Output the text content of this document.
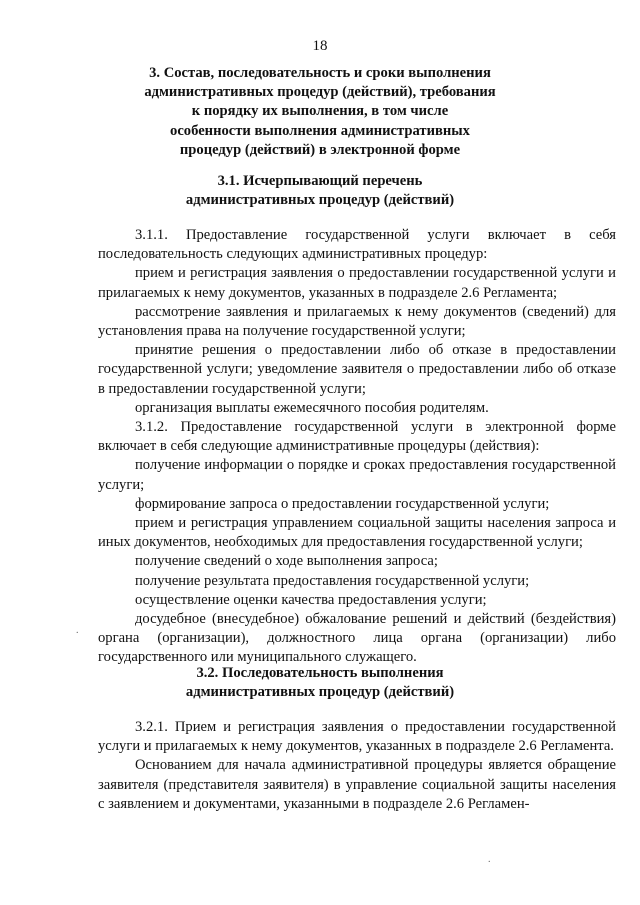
18
3. Состав, последовательность и сроки выполнения
административных процедур (действий), требования
к порядку их выполнения, в том числе
особенности выполнения административных
процедур (действий) в электронной форме
3.1. Исчерпывающий перечень
административных процедур (действий)

3.1.1. Предоставление государственной услуги включает в себя последовательность следующих административных процедур:

прием и регистрация заявления о предоставлении государственной услуги и прилагаемых к нему документов, указанных в подразделе 2.6 Регламента;

рассмотрение заявления и прилагаемых к нему документов (сведений) для установления права на получение государственной услуги;

принятие решения о предоставлении либо об отказе в предоставлении государственной услуги; уведомление заявителя о предоставлении либо об отказе в предоставлении государственной услуги;

организация выплаты ежемесячного пособия родителям.

3.1.2. Предоставление государственной услуги в электронной форме включает в себя следующие административные процедуры (действия):

получение информации о порядке и сроках предоставления государственной услуги;

формирование запроса о предоставлении государственной услуги;

прием и регистрация управлением социальной защиты населения запроса и иных документов, необходимых для предоставления государственной услуги;

получение сведений о ходе выполнения запроса;

получение результата предоставления государственной услуги;

осуществление оценки качества предоставления услуги;

досудебное (внесудебное) обжалование решений и действий (бездействия) органа (организации), должностного лица органа (организации) либо государственного или муниципального служащего.

3.2. Последовательность выполнения
административных процедур (действий)

3.2.1. Прием и регистрация заявления о предоставлении государственной услуги и прилагаемых к нему документов, указанных в подразделе 2.6 Регламента.

Основанием для начала административной процедуры является обращение заявителя (представителя заявителя) в управление социальной защиты населения с заявлением и документами, указанными в подразделе 2.6 Регламен-

.
.
